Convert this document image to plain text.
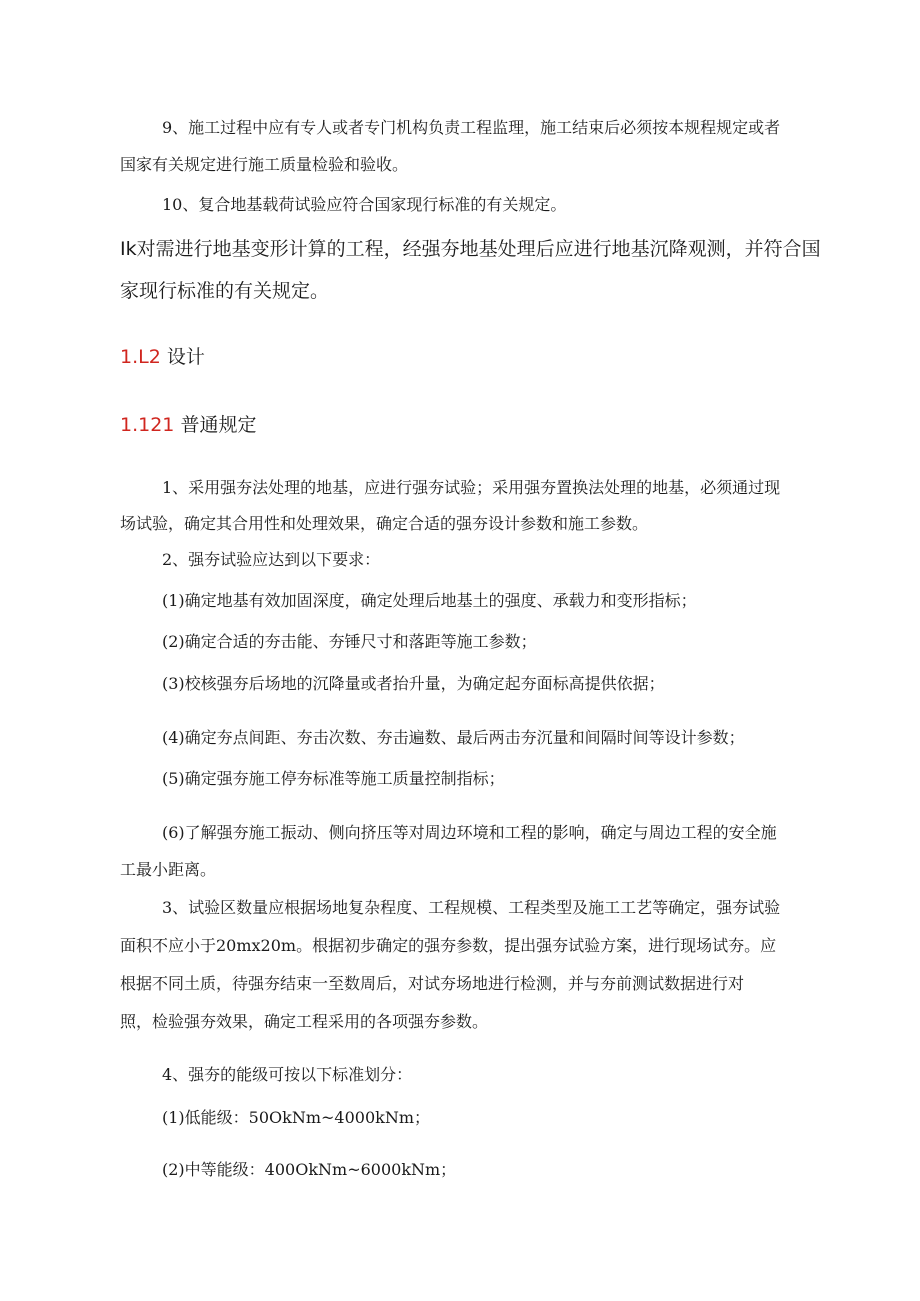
9、施工过程中应有专人或者专门机构负责工程监理，施工结束后必须按本规程规定或者
国家有关规定进行施工质量检验和验收。
10、复合地基载荷试验应符合国家现行标准的有关规定。
Ik对需进行地基变形计算的工程，经强夯地基处理后应进行地基沉降观测，并符合国
家现行标准的有关规定。
1.L2 设计
1.121 普通规定
1、采用强夯法处理的地基，应进行强夯试验；采用强夯置换法处理的地基，必须通过现
场试验，确定其合用性和处理效果，确定合适的强夯设计参数和施工参数。
2、强夯试验应达到以下要求：
(1)确定地基有效加固深度，确定处理后地基土的强度、承载力和变形指标；
(2)确定合适的夯击能、夯锤尺寸和落距等施工参数；
(3)校核强夯后场地的沉降量或者抬升量，为确定起夯面标高提供依据；
(4)确定夯点间距、夯击次数、夯击遍数、最后两击夯沉量和间隔时间等设计参数；
(5)确定强夯施工停夯标准等施工质量控制指标；
(6)了解强夯施工振动、侧向挤压等对周边环境和工程的影响，确定与周边工程的安全施
工最小距离。
3、试验区数量应根据场地复杂程度、工程规模、工程类型及施工工艺等确定，强夯试验
面积不应小于20mx20m。根据初步确定的强夯参数，提出强夯试验方案，进行现场试夯。应
根据不同土质，待强夯结束一至数周后，对试夯场地进行检测，并与夯前测试数据进行对
照，检验强夯效果，确定工程采用的各项强夯参数。
4、强夯的能级可按以下标准划分：
(1)低能级：50OkNm~4000kNm；
(2)中等能级：400OkNm~6000kNm；
